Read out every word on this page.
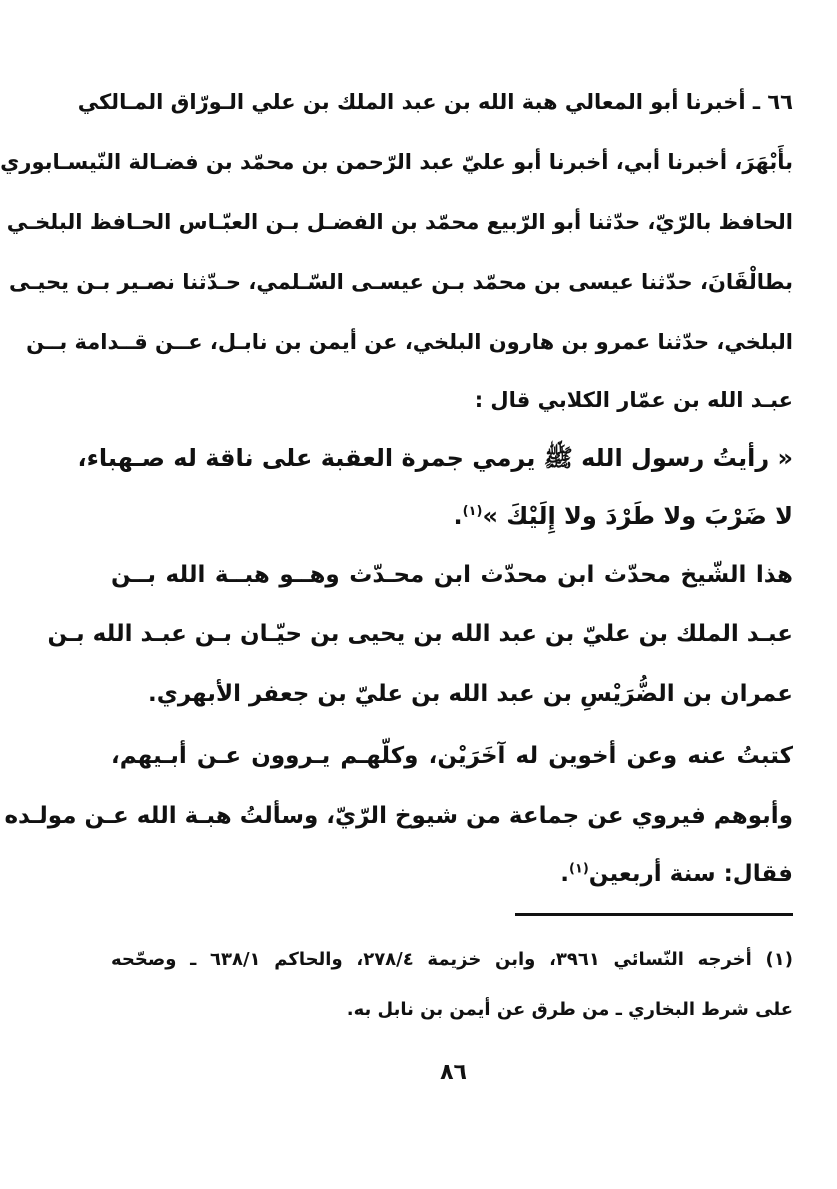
٦٦ ـ أخبرنا أبو المعالي هبة الله بن عبد الملك بن علي الـورّاق المـالكي
بأَبْهَرَ، أخبرنا أبي، أخبرنا أبو عليّ عبد الرّحمن بن محمّد بن فضـالة النّيسـابوري
الحافظ بالرّيّ، حدّثنا أبو الرّبيع محمّد بن الفضـل بـن العبّـاس الحـافظ البلخـي
بطالْقَانَ، حدّثنا عيسى بن محمّد بـن عيسـى السّـلمي، حـدّثنا نصـير بـن يحيـى
البلخي، حدّثنا عمرو بن هارون البلخي، عن أيمن بن نابـل، عــن قــدامة بــن
عبـد الله بن عمّار الكلابي قال :
« رأيتُ رسول الله ﷺ يرمي جمرة العقبة على ناقة له صـهباء،
لا ضَرْبَ ولا طَرْدَ ولا إِلَيْكَ »$^{(١)}$.
هذا الشّيخ محدّث ابن محدّث ابن محـدّث وهــو هبــة الله بــن
عبـد الملك بن عليّ بن عبد الله بن يحيى بن حيّـان بـن عبـد الله بـن
عمران بن الضُّرَيْسِ بن عبد الله بن عليّ بن جعفر الأبهري.
كتبتُ عنه وعن أخوين له آخَرَيْن، وكلّهـم يـروون عـن أبـيهم،
وأبوهم فيروي عن جماعة من شيوخ الرّيّ، وسألتُ هبـة الله عـن مولـده
فقال: سنة أربعين$^{(١)}$.
(١) أخرجه النّسائي ٣٩٦١، وابن خزيمة ٢٧٨/٤، والحاكم ٦٣٨/١ ـ وصحّحه
على شرط البخاري ـ من طرق عن أيمن بن نابل به.
٨٦
